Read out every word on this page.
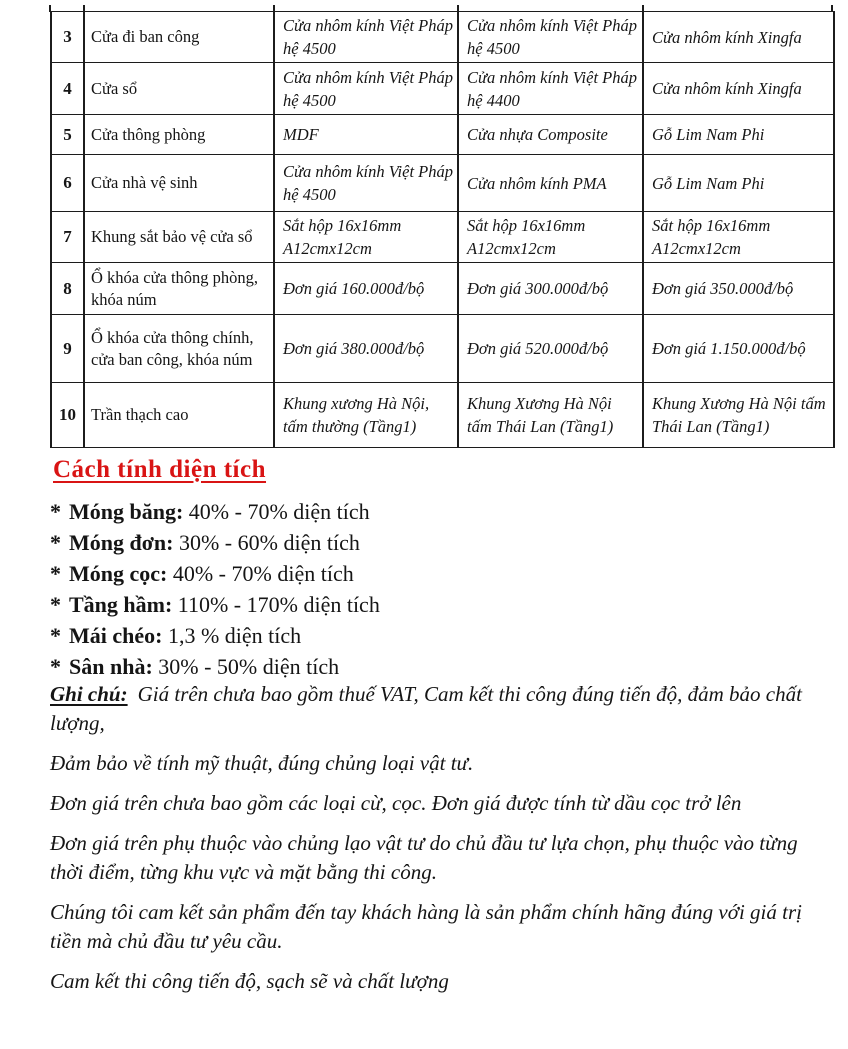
3	Cửa đi ban công	Cửa nhôm kính Việt Pháp hệ 4500	Cửa nhôm kính Việt Pháp hệ 4500	Cửa nhôm kính Xingfa
4	Cửa sổ	Cửa nhôm kính Việt Pháp hệ 4500	Cửa nhôm kính Việt Pháp hệ 4400	Cửa nhôm kính Xingfa
5	Cửa thông phòng	MDF	Cửa nhựa Composite	Gỗ Lim Nam Phi
6	Cửa nhà vệ sinh	Cửa nhôm kính Việt Pháp hệ 4500	Cửa nhôm kính PMA	Gỗ Lim Nam Phi
7	Khung sắt bảo vệ cửa sổ	Sắt hộp 16x16mm A12cmx12cm	Sắt hộp 16x16mm A12cmx12cm	Sắt hộp 16x16mm A12cmx12cm
8	Ổ khóa cửa thông phòng, khóa núm	Đơn giá 160.000đ/bộ	Đơn giá 300.000đ/bộ	Đơn giá 350.000đ/bộ
9	Ổ khóa cửa thông chính, cửa ban công, khóa núm	Đơn giá 380.000đ/bộ	Đơn giá 520.000đ/bộ	Đơn giá 1.150.000đ/bộ
10	Trần thạch cao	Khung xương Hà Nội, tấm thường (Tầng1)	Khung Xương Hà Nội tấm Thái Lan (Tầng1)	Khung Xương Hà Nội tấm Thái Lan (Tầng1)
Cách tính diện tích
* Móng băng: 40% - 70% diện tích
* Móng đơn: 30% - 60% diện tích
* Móng cọc: 40% - 70% diện tích
* Tầng hầm: 110% - 170% diện tích
* Mái chéo: 1,3 % diện tích
* Sân nhà: 30% - 50% diện tích

Ghi chú: Giá trên chưa bao gồm thuế VAT, Cam kết thi công đúng tiến độ, đảm bảo chất lượng,

Đảm bảo về tính mỹ thuật, đúng chủng loại vật tư.

Đơn giá trên chưa bao gồm các loại cừ, cọc. Đơn giá được tính từ dầu cọc trở lên

Đơn giá trên phụ thuộc vào chủng lạo vật tư do chủ đầu tư lựa chọn, phụ thuộc vào từng thời điểm, từng khu vực và mặt bằng thi công.

Chúng tôi cam kết sản phẩm đến tay khách hàng là sản phẩm chính hãng đúng với giá trị tiền mà chủ đầu tư yêu cầu.

Cam kết thi công tiến độ, sạch sẽ và chất lượng
